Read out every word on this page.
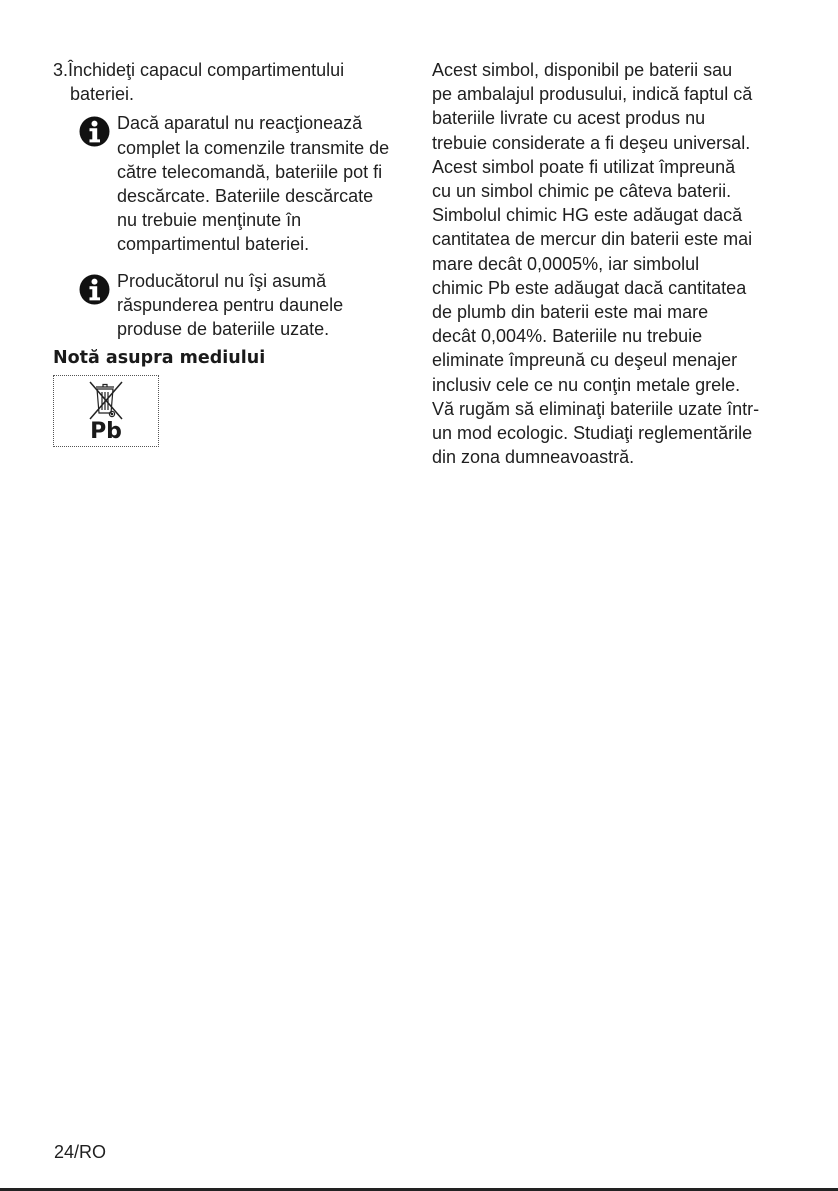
3.Închideţi capacul compartimentului
bateriei.
Dacă aparatul nu reacţionează
complet la comenzile transmite de
către telecomandă, bateriile pot fi
descărcate. Bateriile descărcate
nu trebuie menţinute în
compartimentul bateriei.
Producătorul nu îşi asumă
răspunderea pentru daunele
produse de bateriile uzate.
Notă asupra mediului
Pb
Acest simbol, disponibil pe baterii sau
pe ambalajul produsului, indică faptul că
bateriile livrate cu acest produs nu
trebuie considerate a fi deşeu universal.
Acest simbol poate fi utilizat împreună
cu un simbol chimic pe câteva baterii.
Simbolul chimic HG este adăugat dacă
cantitatea de mercur din baterii este mai
mare decât 0,0005%, iar simbolul
chimic Pb este adăugat dacă cantitatea
de plumb din baterii este mai mare
decât 0,004%. Bateriile nu trebuie
eliminate împreună cu deşeul menajer
inclusiv cele ce nu conţin metale grele.
Vă rugăm să eliminaţi bateriile uzate într-
un mod ecologic. Studiaţi reglementările
din zona dumneavoastră.
24/RO
